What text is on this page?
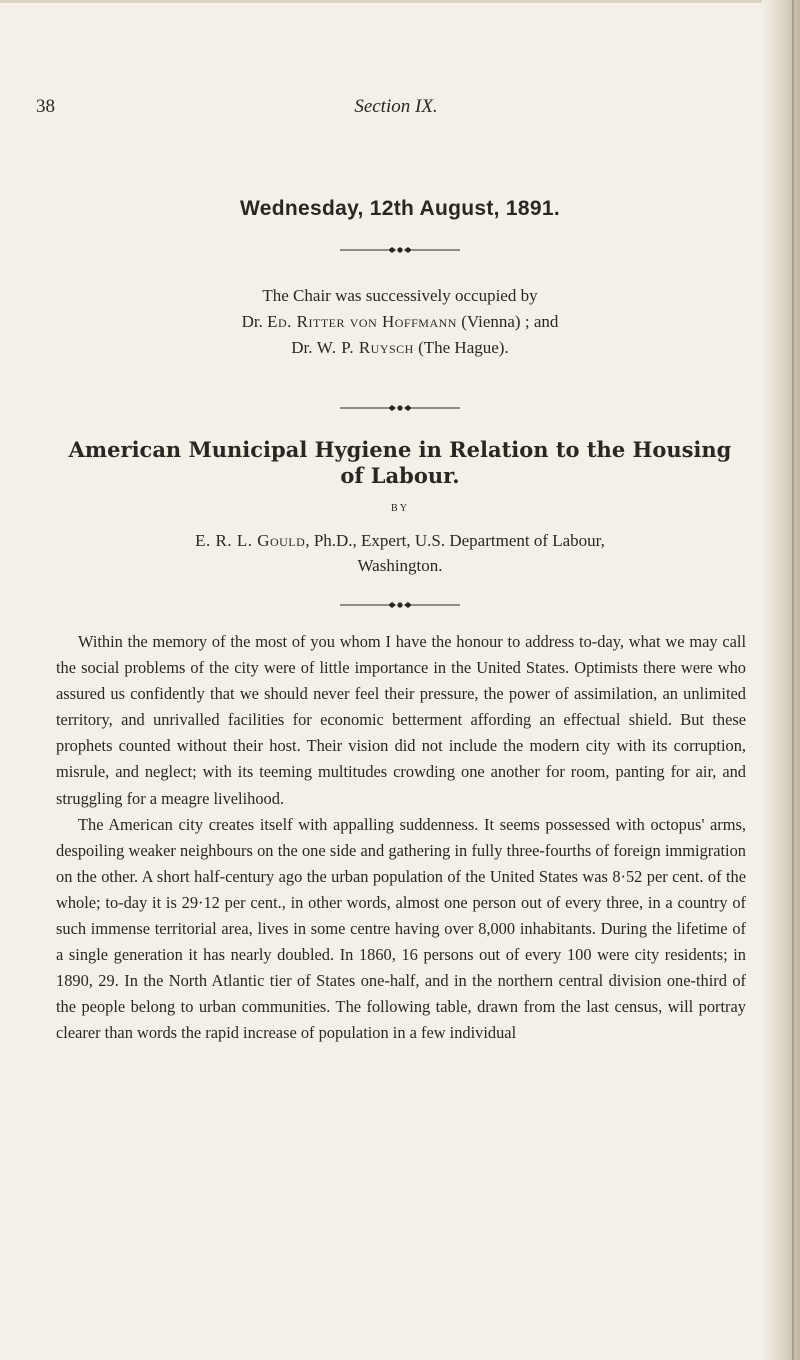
38	Section IX.
Wednesday, 12th August, 1891.
The Chair was successively occupied by
Dr. Ed. Ritter von Hoffmann (Vienna) ; and
Dr. W. P. Ruysch (The Hague).
American Municipal Hygiene in Relation to the Housing
of Labour.
BY
E. R. L. Gould, Ph.D., Expert, U.S. Department of Labour,
Washington.

Within the memory of the most of you whom I have the honour to address to-day, what we may call the social problems of the city were of little importance in the United States. Optimists there were who assured us confidently that we should never feel their pressure, the power of assimilation, an unlimited territory, and unrivalled facilities for economic betterment affording an effectual shield. But these prophets counted without their host. Their vision did not include the modern city with its corruption, misrule, and neglect; with its teeming multitudes crowding one another for room, panting for air, and struggling for a meagre livelihood.

The American city creates itself with appalling suddenness. It seems possessed with octopus' arms, despoiling weaker neighbours on the one side and gathering in fully three-fourths of foreign immigration on the other. A short half-century ago the urban population of the United States was 8·52 per cent. of the whole; to-day it is 29·12 per cent., in other words, almost one person out of every three, in a country of such immense territorial area, lives in some centre having over 8,000 inhabitants. During the lifetime of a single generation it has nearly doubled. In 1860, 16 persons out of every 100 were city residents; in 1890, 29. In the North Atlantic tier of States one-half, and in the northern central division one-third of the people belong to urban communities. The following table, drawn from the last census, will portray clearer than words the rapid increase of population in a few individual
